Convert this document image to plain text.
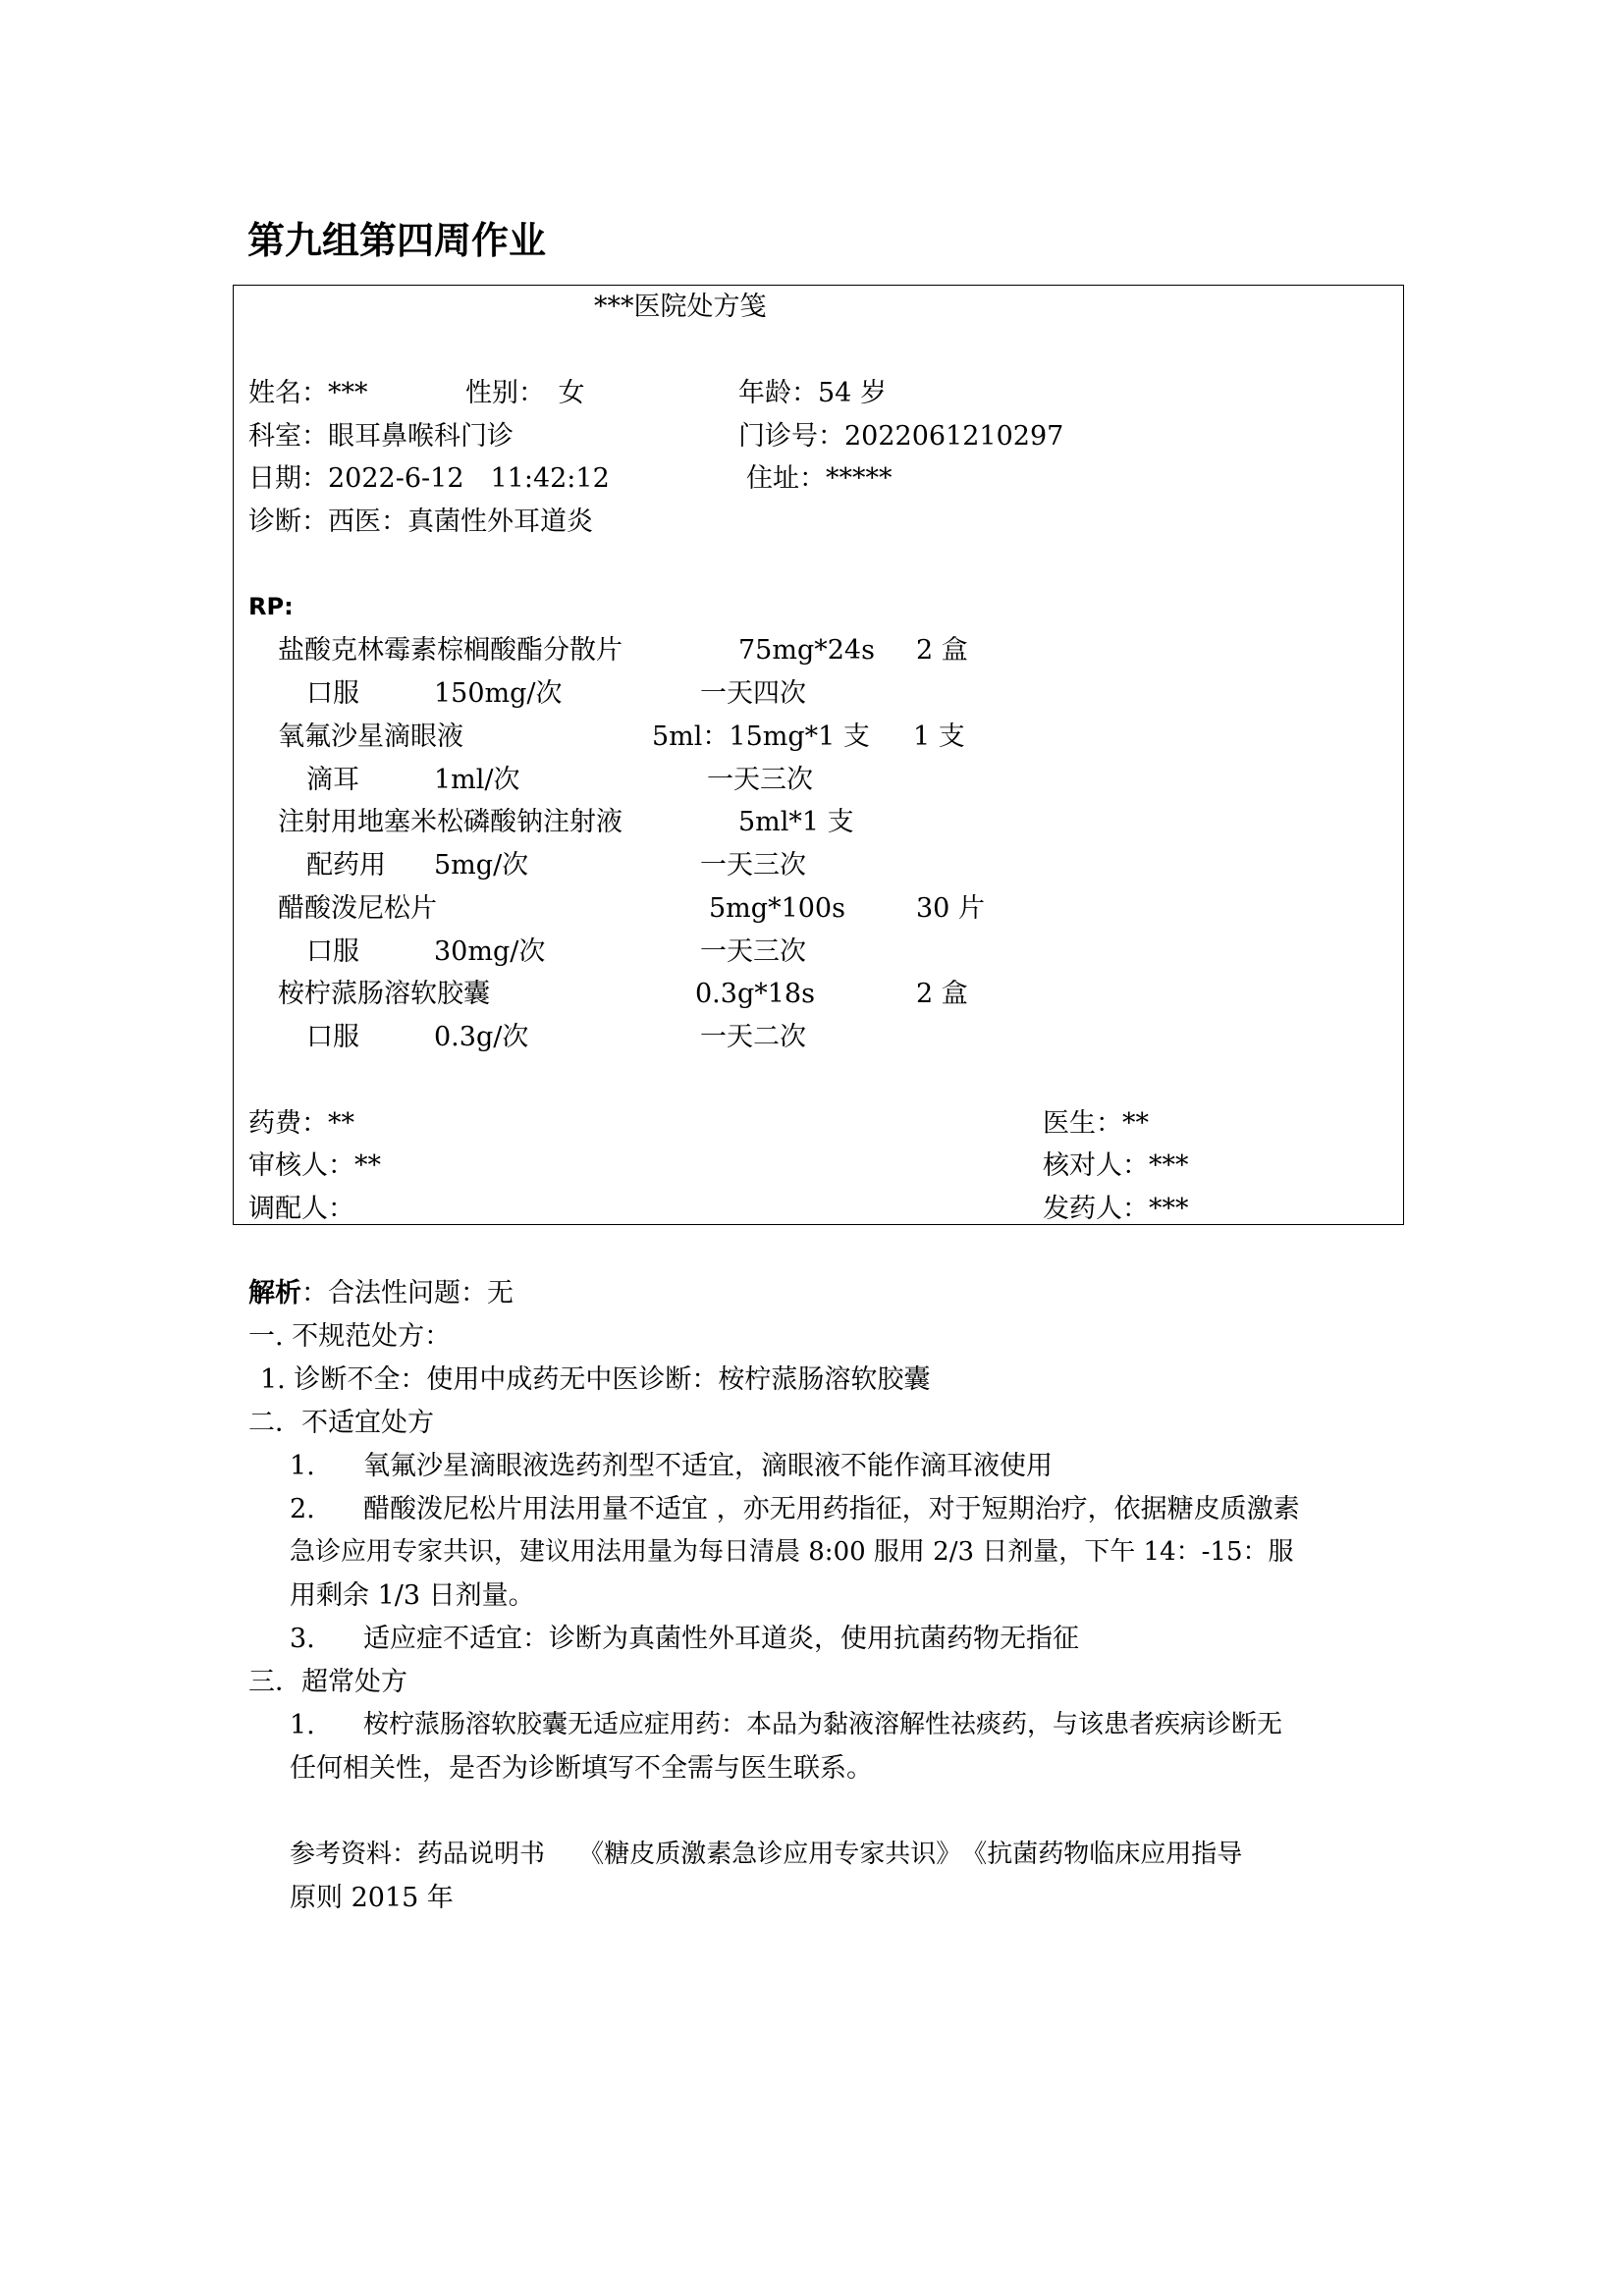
第九组第四周作业
***医院处方笺
姓名：***	性别：　女	年龄：54 岁
科室：眼耳鼻喉科门诊	门诊号：2022061210297
日期：2022-6-12　11:42:12	住址：*****
诊断：西医：真菌性外耳道炎
RP:
盐酸克林霉素棕榈酸酯分散片	75mg*24s 2 盒
口服	150mg/次	一天四次
氧氟沙星滴眼液	5ml：15mg*1 支 1 支
滴耳	1ml/次	一天三次
注射用地塞米松磷酸钠注射液	5ml*1 支
配药用 5mg/次	一天三次
醋酸泼尼松片	5mg*100s	30 片
口服	30mg/次	一天三次
桉柠蒎肠溶软胶囊	0.3g*18s	2 盒
口服	0.3g/次	一天二次
药费：**	医生：**
审核人：**	核对人：***
调配人：	发药人：***
解析：合法性问题：无
一. 不规范处方：
1. 诊断不全：使用中成药无中医诊断：桉柠蒎肠溶软胶囊
二．不适宜处方
1. 氧氟沙星滴眼液选药剂型不适宜，滴眼液不能作滴耳液使用
2. 醋酸泼尼松片用法用量不适宜 ，亦无用药指征，对于短期治疗，依据糖皮质激素
急诊应用专家共识，建议用法用量为每日清晨 8:00 服用 2/3 日剂量，下午 14：-15：服
用剩余 1/3 日剂量。
3. 适应症不适宜：诊断为真菌性外耳道炎，使用抗菌药物无指征
三．超常处方
1. 桉柠蒎肠溶软胶囊无适应症用药：本品为黏液溶解性祛痰药，与该患者疾病诊断无
任何相关性，是否为诊断填写不全需与医生联系。
参考资料：药品说明书　 《糖皮质激素急诊应用专家共识》　《抗菌药物临床应用指导
原则 2015 年
